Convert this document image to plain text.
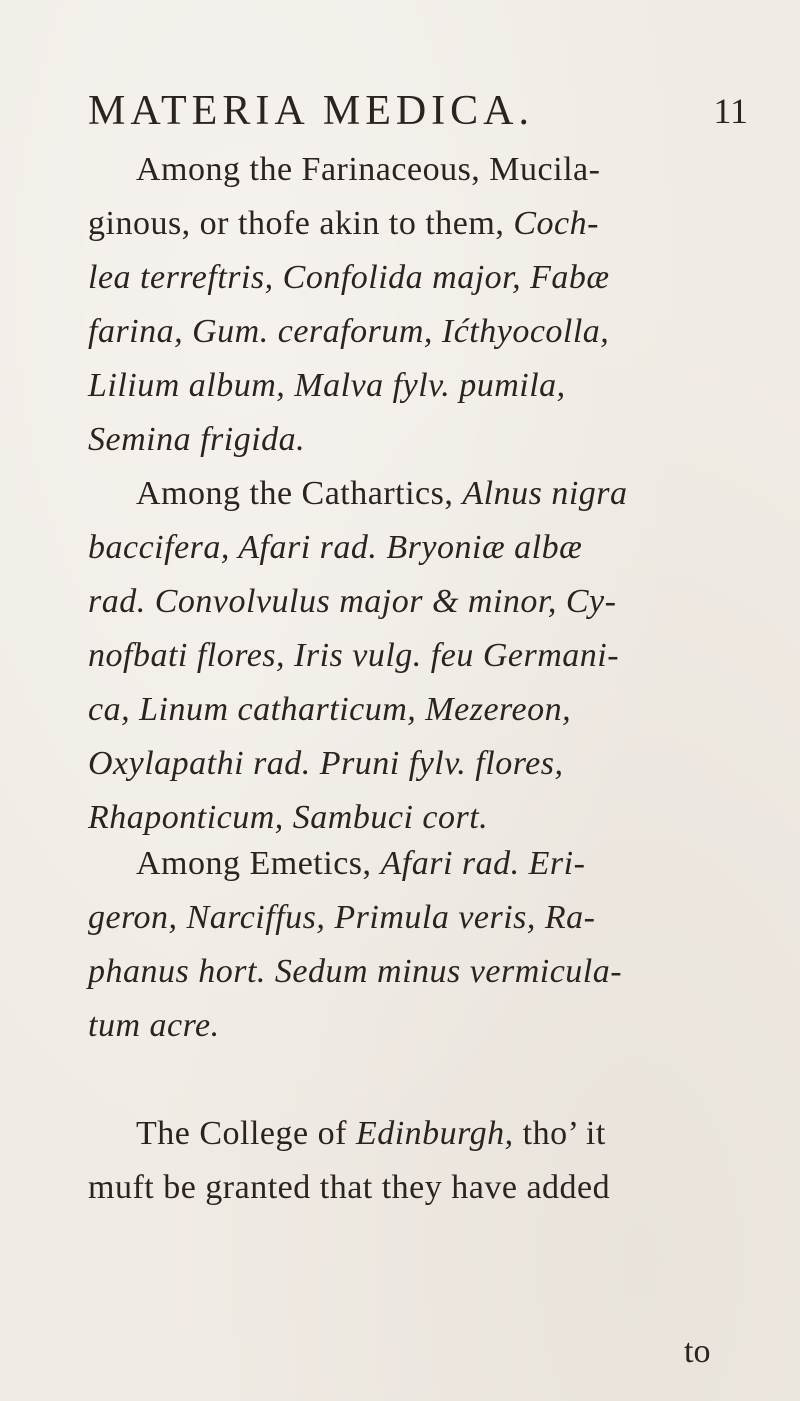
MATERIA MEDICA.	11
Among the Farinaceous, Mucila-
ginous, or thofe akin to them, Coch-
lea terreftris, Confolida major, Fabæ
farina, Gum. ceraforum, Ićthyocolla,
Lilium album, Malva fylv. pumila,
Semina frigida.
Among the Cathartics, Alnus nigra
baccifera, Afari rad. Bryoniæ albæ
rad. Convolvulus major & minor, Cy-
nofbati flores, Iris vulg. feu Germani-
ca, Linum catharticum, Mezereon,
Oxylapathi rad. Pruni fylv. flores,
Rhaponticum, Sambuci cort.
Among Emetics, Afari rad. Eri-
geron, Narciffus, Primula veris, Ra-
phanus hort. Sedum minus vermicula-
tum acre.
The College of Edinburgh, tho’ it
muft be granted that they have added
to
